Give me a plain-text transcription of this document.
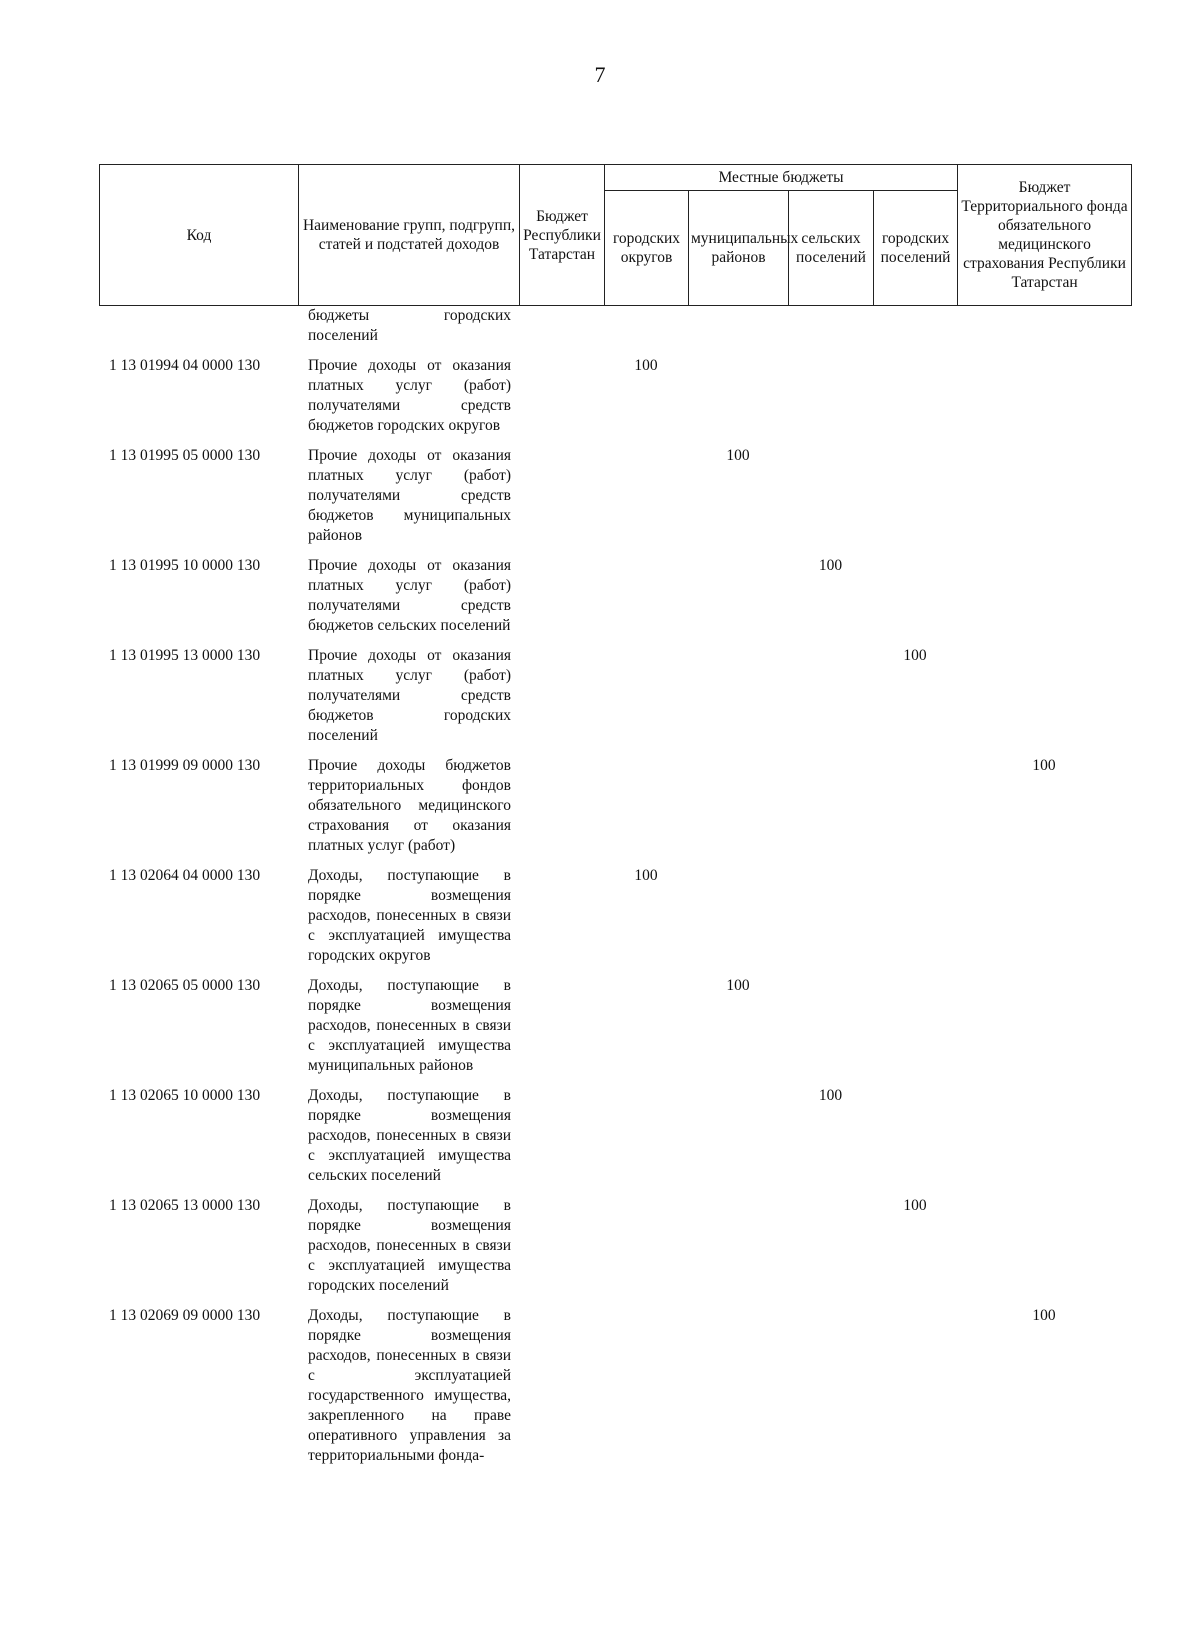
7
Код	Наименование групп, подгрупп, статей и подстатей доходов	Бюджет Республики Татарстан	Местные бюджеты				Бюджет Территориального фонда обязательного медицинского страхования Республики Татарстан
			городских округов	муниципальных районов	сельских поселений	городских поселений	
	бюджеты городских поселений						
1 13 01994 04 0000 130	Прочие доходы от оказания платных услуг (работ) получателями средств бюджетов городских округов		100				
1 13 01995 05 0000 130	Прочие доходы от оказания платных услуг (работ) получателями средств бюджетов муниципальных районов			100			
1 13 01995 10 0000 130	Прочие доходы от оказания платных услуг (работ) получателями средств бюджетов сельских поселений				100		
1 13 01995 13 0000 130	Прочие доходы от оказания платных услуг (работ) получателями средств бюджетов городских поселений					100	
1 13 01999 09 0000 130	Прочие доходы бюджетов территориальных фондов обязательного медицинского страхования от оказания платных услуг (работ)						100
1 13 02064 04 0000 130	Доходы, поступающие в порядке возмещения расходов, понесенных в связи с эксплуатацией имущества городских округов		100				
1 13 02065 05 0000 130	Доходы, поступающие в порядке возмещения расходов, понесенных в связи с эксплуатацией имущества муниципальных районов			100			
1 13 02065 10 0000 130	Доходы, поступающие в порядке возмещения расходов, понесенных в связи с эксплуатацией имущества сельских поселений				100		
1 13 02065 13 0000 130	Доходы, поступающие в порядке возмещения расходов, понесенных в связи с эксплуатацией имущества городских поселений					100	
1 13 02069 09 0000 130	Доходы, поступающие в порядке возмещения расходов, понесенных в связи с эксплуатацией государственного имущества, закрепленного на праве оперативного управления за территориальными фонда-						100
